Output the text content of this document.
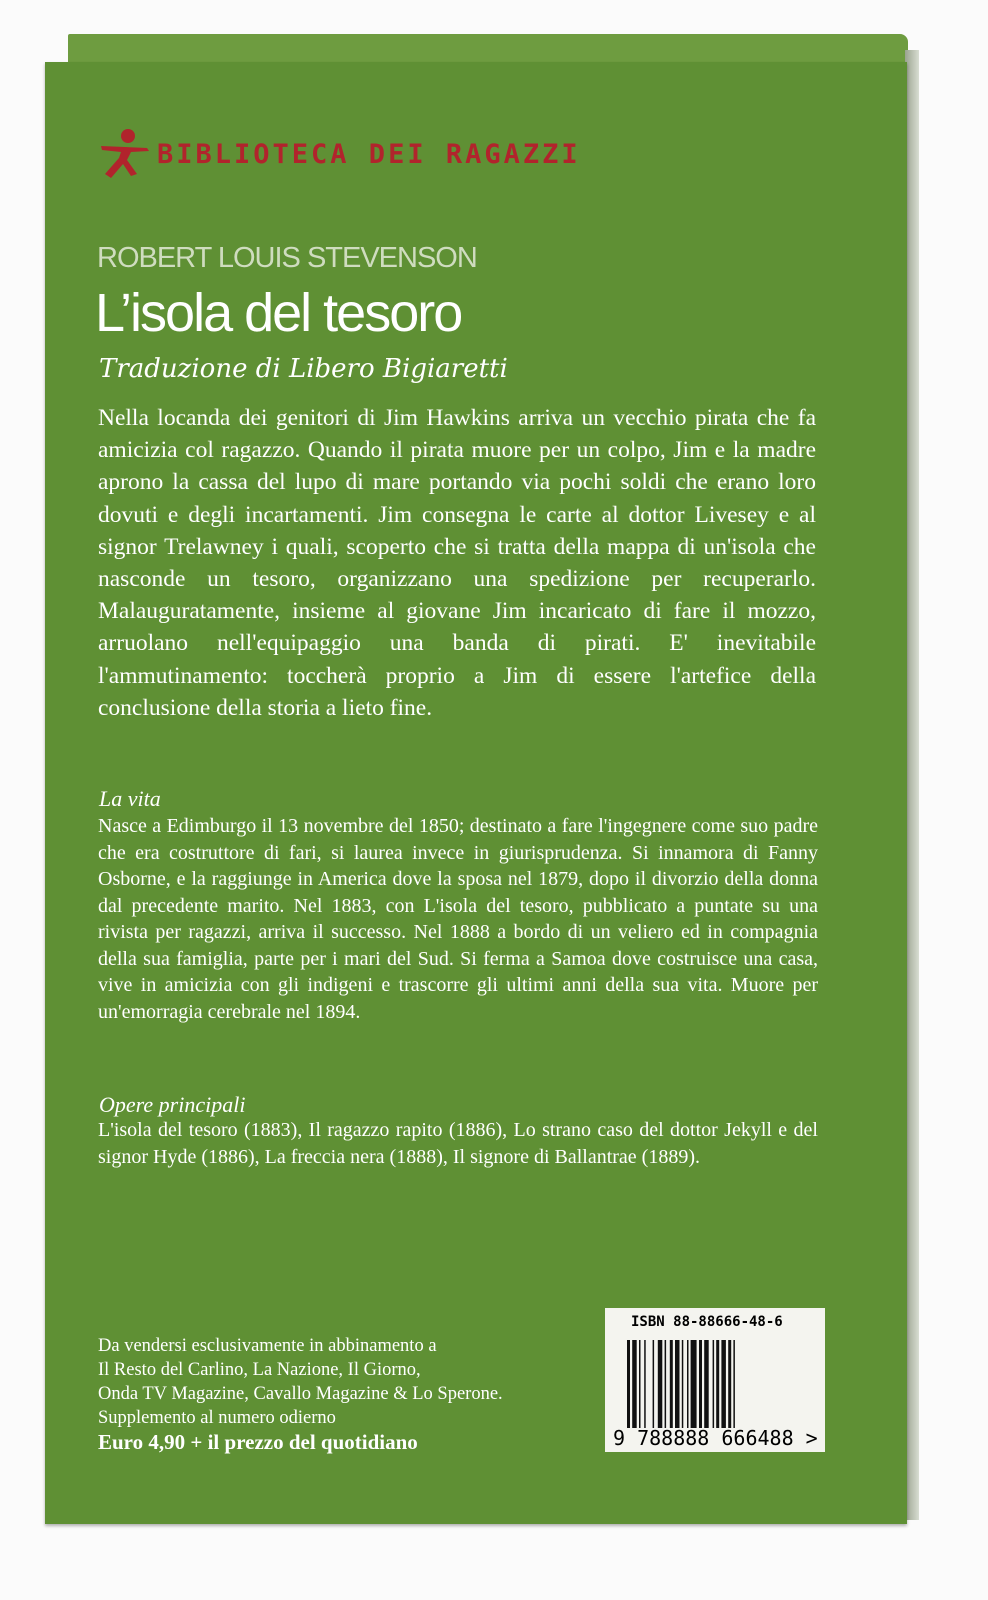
BIBLIOTECA DEI RAGAZZI
ROBERT LOUIS STEVENSON
L’isola del tesoro
Traduzione di Libero Bigiaretti
Nella locanda dei genitori di Jim Hawkins arriva un vecchio pirata che fa amicizia col ragazzo. Quando il pirata muore per un colpo, Jim e la madre aprono la cassa del lupo di mare portando via pochi soldi che erano loro dovuti e degli incartamenti. Jim consegna le carte al dottor Livesey e al signor Trelawney i quali, scoperto che si tratta della mappa di un'isola che nasconde un tesoro, organizzano una spedizione per recuperarlo. Malauguratamente, insieme al giovane Jim incaricato di fare il mozzo, arruolano nell'equipaggio una banda di pirati. E' inevitabile l'ammutinamento: toccherà proprio a Jim di essere l'artefice della conclusione della storia a lieto fine.
La vita
Nasce a Edimburgo il 13 novembre del 1850; destinato a fare l'ingegnere come suo padre che era costruttore di fari, si laurea invece in giurisprudenza. Si innamora di Fanny Osborne, e la raggiunge in America dove la sposa nel 1879, dopo il divorzio della donna dal precedente marito. Nel 1883, con L'isola del tesoro, pubblicato a puntate su una rivista per ragazzi, arriva il successo. Nel 1888 a bordo di un veliero ed in compagnia della sua famiglia, parte per i mari del Sud. Si ferma a Samoa dove costruisce una casa, vive in amicizia con gli indigeni e trascorre gli ultimi anni della sua vita. Muore per un'emorragia cerebrale nel 1894.
Opere principali
L'isola del tesoro (1883), Il ragazzo rapito (1886), Lo strano caso del dottor Jekyll e del signor Hyde (1886), La freccia nera (1888), Il signore di Ballantrae (1889).
Da vendersi esclusivamente in abbinamento a
Il Resto del Carlino, La Nazione, Il Giorno,
Onda TV Magazine, Cavallo Magazine & Lo Sperone.
Supplemento al numero odierno
Euro 4,90 + il prezzo del quotidiano
ISBN 88-88666-48-6
9 788888 666488 >
